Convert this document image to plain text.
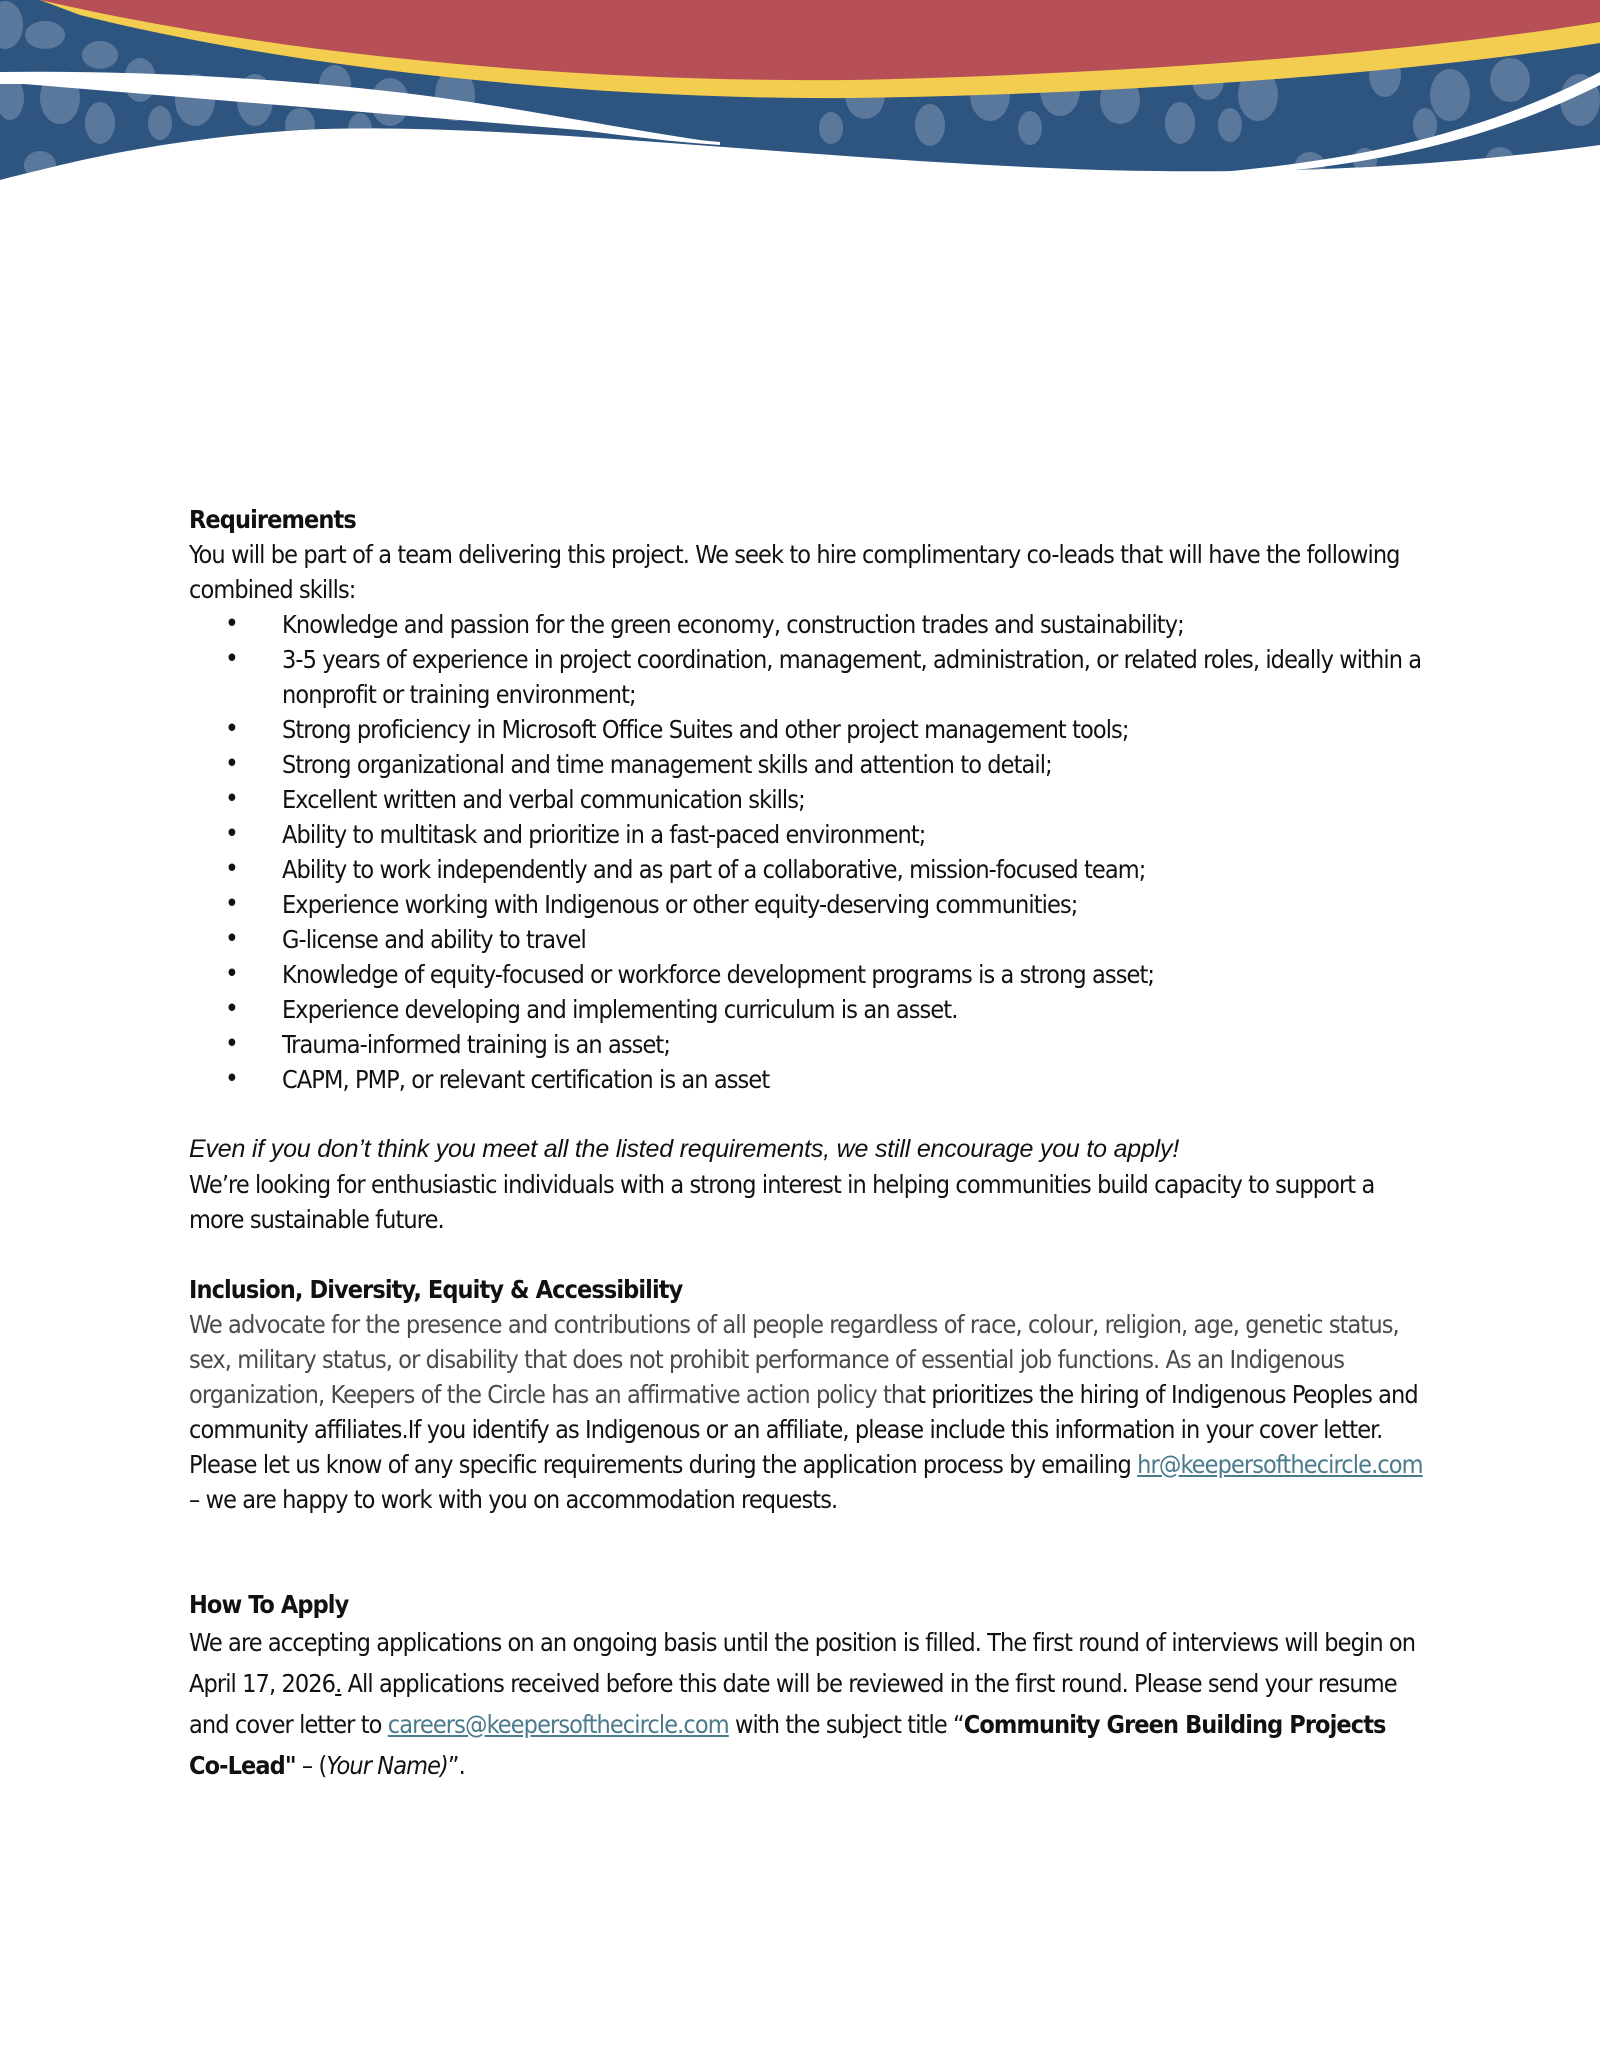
Requirements

You will be part of a team delivering this project. We seek to hire complimentary co-leads that will have the following combined skills:

• Knowledge and passion for the green economy, construction trades and sustainability;
• 3-5 years of experience in project coordination, management, administration, or related roles, ideally within a nonprofit or training environment;
• Strong proficiency in Microsoft Office Suites and other project management tools;
• Strong organizational and time management skills and attention to detail;
• Excellent written and verbal communication skills;
• Ability to multitask and prioritize in a fast-paced environment;
• Ability to work independently and as part of a collaborative, mission-focused team;
• Experience working with Indigenous or other equity-deserving communities;
• G-license and ability to travel
• Knowledge of equity-focused or workforce development programs is a strong asset;
• Experience developing and implementing curriculum is an asset.
• Trauma-informed training is an asset;
• CAPM, PMP, or relevant certification is an asset

Even if you don’t think you meet all the listed requirements, we still encourage you to apply!

We’re looking for enthusiastic individuals with a strong interest in helping communities build capacity to support a more sustainable future.

Inclusion, Diversity, Equity & Accessibility

We advocate for the presence and contributions of all people regardless of race, colour, religion, age, genetic status, sex, military status, or disability that does not prohibit performance of essential job functions. As an Indigenous organization, Keepers of the Circle has an affirmative action policy that prioritizes the hiring of Indigenous Peoples and community affiliates.If you identify as Indigenous or an affiliate, please include this information in your cover letter. Please let us know of any specific requirements during the application process by emailing hr@keepersofthecircle.com – we are happy to work with you on accommodation requests.

How To Apply

We are accepting applications on an ongoing basis until the position is filled. The first round of interviews will begin on April 17, 2026. All applications received before this date will be reviewed in the first round. Please send your resume and cover letter to careers@keepersofthecircle.com with the subject title “Community Green Building Projects Co-Lead" – (Your Name)”.
